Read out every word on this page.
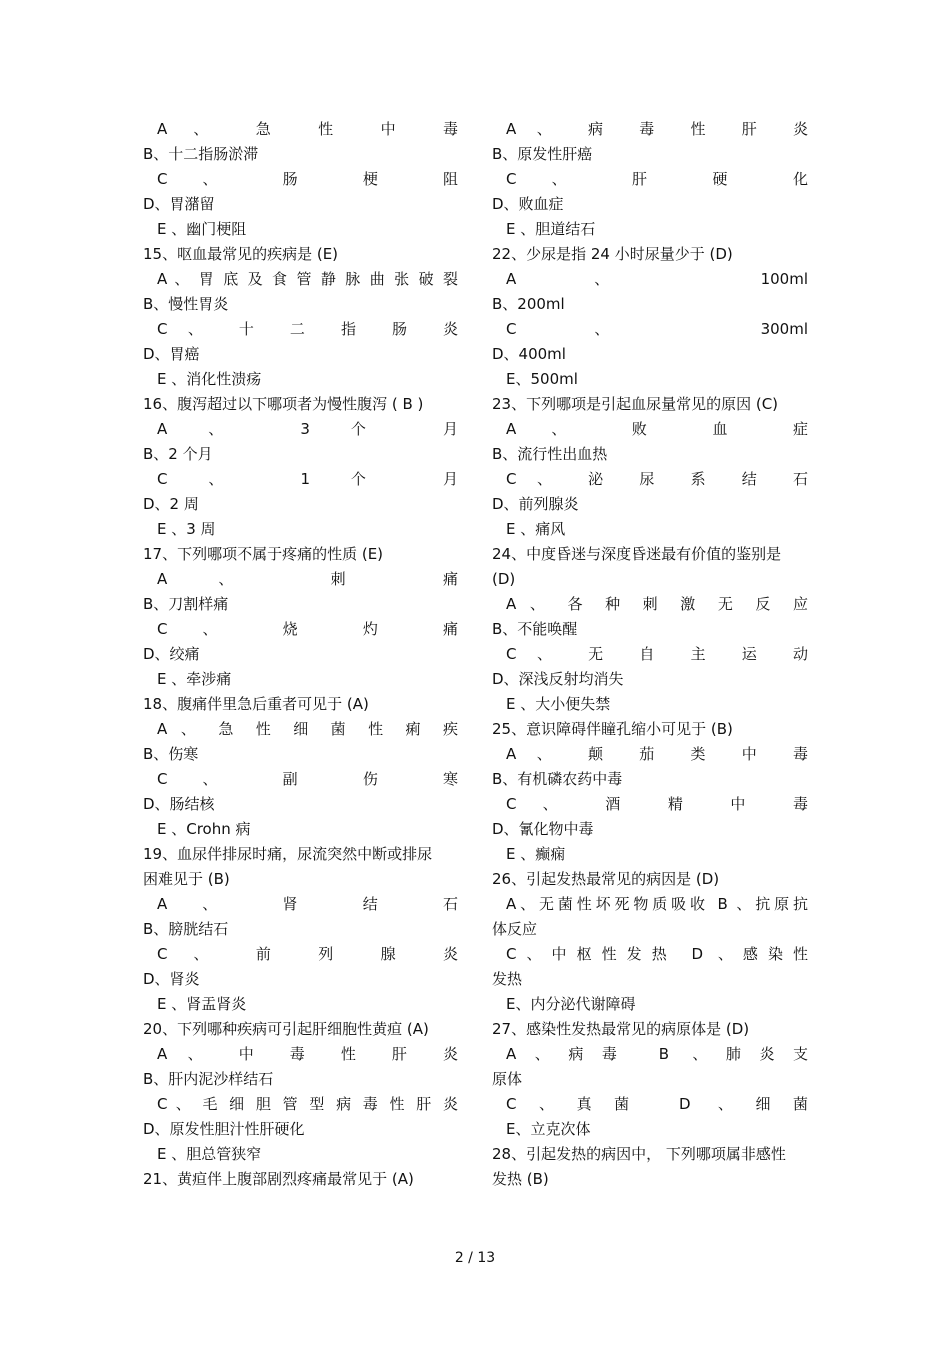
A 、 急 性 中 毒
B、十二指肠淤滞
C 、 肠 梗 阻
D、胃潴留
E 、幽门梗阻
15、呕血最常见的疾病是 (E)
A 、 胃 底 及 食 管 静 脉 曲 张 破 裂
B、慢性胃炎
C 、 十 二 指 肠 炎
D、胃癌
E 、消化性溃疡
16、腹泻超过以下哪项者为慢性腹泻 ( B )
A 、 3 个 月
B、2 个月
C 、 1 个 月
D、2 周
E 、3 周
17、下列哪项不属于疼痛的性质 (E)
A 、 刺 痛
B、刀割样痛
C 、 烧 灼 痛
D、绞痛
E 、牵涉痛
18、腹痛伴里急后重者可见于 (A)
A 、 急 性 细 菌 性 痢 疾
B、伤寒
C 、 副 伤 寒
D、肠结核
E 、Crohn 病
19、血尿伴排尿时痛，尿流突然中断或排尿
困难见于 (B)
A 、 肾 结 石
B、膀胱结石
C 、 前 列 腺 炎
D、肾炎
E 、肾盂肾炎
20、下列哪种疾病可引起肝细胞性黄疸 (A)
A 、 中 毒 性 肝 炎
B、肝内泥沙样结石
C 、 毛 细 胆 管 型 病 毒 性 肝 炎
D、原发性胆汁性肝硬化
E 、胆总管狭窄
21、黄疸伴上腹部剧烈疼痛最常见于 (A)
A 、 病 毒 性 肝 炎
B、原发性肝癌
C 、 肝 硬 化
D、败血症
E 、胆道结石
22、少尿是指 24 小时尿量少于 (D)
A 、 100ml
B、200ml
C 、 300ml
D、400ml
E、500ml
23、下列哪项是引起血尿量常见的原因 (C)
A 、 败 血 症
B、流行性出血热
C 、 泌 尿 系 结 石
D、前列腺炎
E 、痛风
24、中度昏迷与深度昏迷最有价值的鉴别是
(D)
A 、 各 种 刺 激 无 反 应
B、不能唤醒
C 、 无 自 主 运 动
D、深浅反射均消失
E 、大小便失禁
25、意识障碍伴瞳孔缩小可见于 (B)
A 、 颠 茄 类 中 毒
B、有机磷农药中毒
C 、 酒 精 中 毒
D、氰化物中毒
E 、癫痫
26、引起发热最常见的病因是 (D)
A、无菌性坏死物质吸收 B 、抗原抗
体反应
C、中枢性发热 D 、感染性
发热
E、内分泌代谢障碍
27、感染性发热最常见的病原体是 (D)
A、病毒 B 、肺炎支
原体
C、真菌 D 、细菌
E、立克次体
28、引起发热的病因中， 下列哪项属非感性
发热 (B)
2 / 13
